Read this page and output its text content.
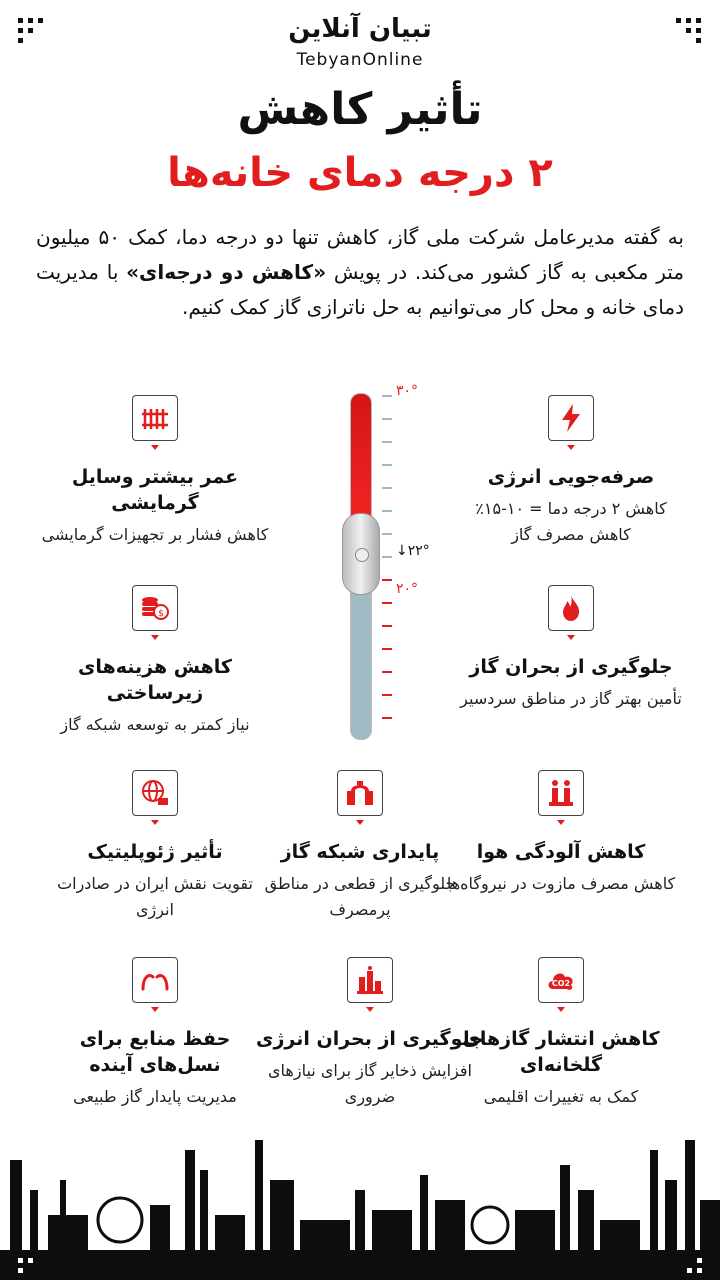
تبیان آنلاین
TebyanOnline
تأثیر کاهش
۲ درجه دمای خانه‌ها
به گفته مدیرعامل شرکت ملی گاز، کاهش تنها دو درجه دما، کمک ۵۰ میلیون متر مکعبی به گاز کشور می‌کند. در پویش «کاهش دو درجه‌ای» با مدیریت دمای خانه و محل کار می‌توانیم به حل ناترازی گاز کمک کنیم.
۳۰°
↓۲۲°
۲۰°
صرفه‌جویی انرژی
کاهش ۲ درجه دما = ۱۰-۱۵٪ کاهش مصرف گاز
عمر بیشتر وسایل گرمایشی
کاهش فشار بر تجهیزات گرمایشی
جلوگیری از بحران گاز
تأمین بهتر گاز در مناطق سردسیر
$
کاهش هزینه‌های زیرساختی
نیاز کمتر به توسعه شبکه گاز
کاهش آلودگی هوا
کاهش مصرف مازوت در نیروگاه‌ها
پایداری شبکه گاز
جلوگیری از قطعی در مناطق پرمصرف
تأثیر ژئوپلیتیک
تقویت نقش ایران در صادرات انرژی
CO2
کاهش انتشار گازهای گلخانه‌ای
کمک به تغییرات اقلیمی
جلوگیری از بحران انرژی
افزایش ذخایر گاز برای نیازهای ضروری
حفظ منابع برای نسل‌های آینده
مدیریت پایدار گاز طبیعی
